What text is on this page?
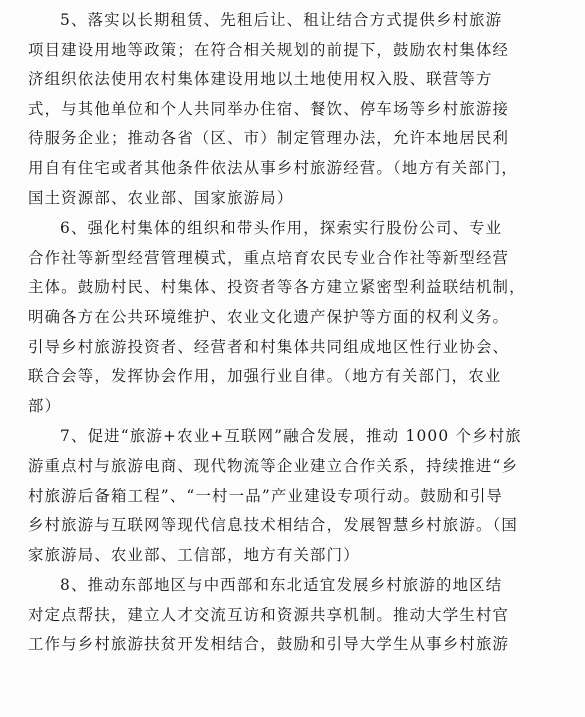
5、落实以长期租赁、先租后让、租让结合方式提供乡村旅游
项目建设用地等政策；在符合相关规划的前提下，鼓励农村集体经
济组织依法使用农村集体建设用地以土地使用权入股、联营等方
式，与其他单位和个人共同举办住宿、餐饮、停车场等乡村旅游接
待服务企业；推动各省（区、市）制定管理办法，允许本地居民利
用自有住宅或者其他条件依法从事乡村旅游经营。（地方有关部门，
国土资源部、农业部、国家旅游局）

6、强化村集体的组织和带头作用，探索实行股份公司、专业
合作社等新型经营管理模式，重点培育农民专业合作社等新型经营
主体。鼓励村民、村集体、投资者等各方建立紧密型利益联结机制，
明确各方在公共环境维护、农业文化遗产保护等方面的权利义务。
引导乡村旅游投资者、经营者和村集体共同组成地区性行业协会、
联合会等，发挥协会作用，加强行业自律。（地方有关部门，农业
部）

7、促进“旅游+农业+互联网”融合发展，推动 1000 个乡村旅
游重点村与旅游电商、现代物流等企业建立合作关系，持续推进“乡
村旅游后备箱工程”、“一村一品”产业建设专项行动。鼓励和引导
乡村旅游与互联网等现代信息技术相结合，发展智慧乡村旅游。（国
家旅游局、农业部、工信部，地方有关部门）

8、推动东部地区与中西部和东北适宜发展乡村旅游的地区结
对定点帮扶，建立人才交流互访和资源共享机制。推动大学生村官
工作与乡村旅游扶贫开发相结合，鼓励和引导大学生从事乡村旅游
